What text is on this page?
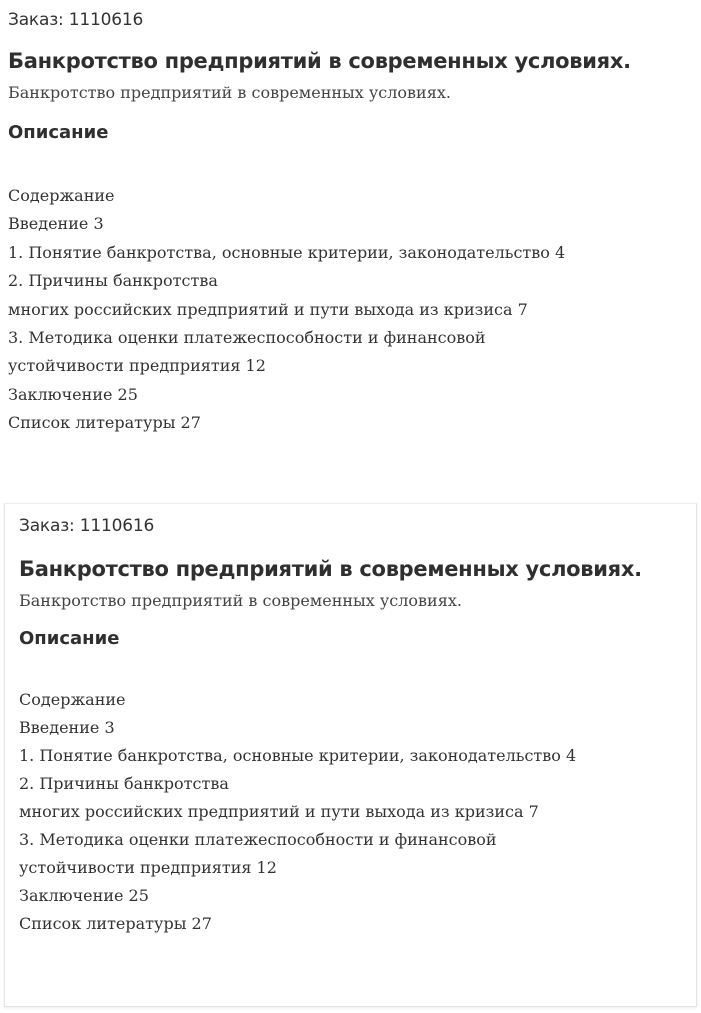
Заказ: 1110616

Банкротство предприятий в современных условиях.

Банкротство предприятий в современных условиях.

Описание
Содержание
Введение 3
1. Понятие банкротства, основные критерии, законодательство 4
2. Причины банкротства
многих российских предприятий и пути выхода из кризиса 7
3. Методика оценки платежеспособности и финансовой
устойчивости предприятия 12
Заключение 25
Список литературы 27

Заказ: 1110616

Банкротство предприятий в современных условиях.

Банкротство предприятий в современных условиях.

Описание
Содержание
Введение 3
1. Понятие банкротства, основные критерии, законодательство 4
2. Причины банкротства
многих российских предприятий и пути выхода из кризиса 7
3. Методика оценки платежеспособности и финансовой
устойчивости предприятия 12
Заключение 25
Список литературы 27
